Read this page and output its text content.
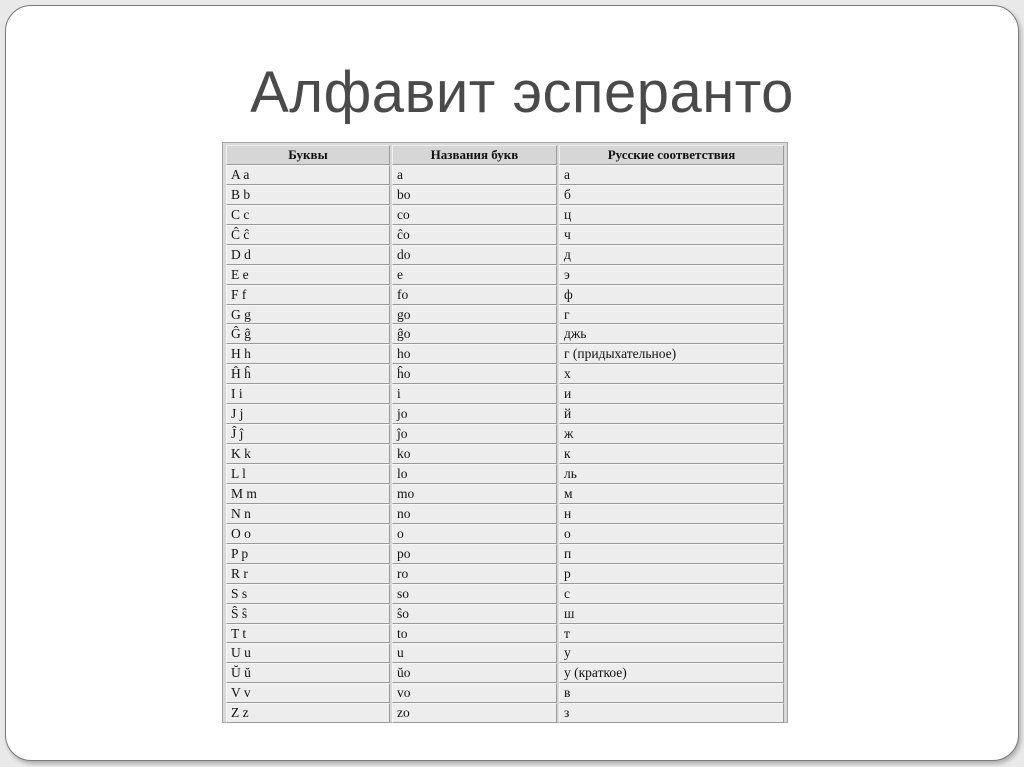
Алфавит эсперанто
Буквы	Названия букв	Русские соответствия
A a	a	а
B b	bo	б
C c	co	ц
Ĉ ĉ	ĉo	ч
D d	do	д
E e	e	э
F f	fo	ф
G g	go	г
Ĝ ĝ	ĝo	джь
H h	ho	г (придыхательное)
Ĥ ĥ	ĥo	х
I i	i	и
J j	jo	й
Ĵ ĵ	ĵo	ж
K k	ko	к
L l	lo	ль
M m	mo	м
N n	no	н
O o	o	о
P p	po	п
R r	ro	р
S s	so	с
Ŝ ŝ	ŝo	ш
T t	to	т
U u	u	у
Ŭ ŭ	ŭo	у (краткое)
V v	vo	в
Z z	zo	з
